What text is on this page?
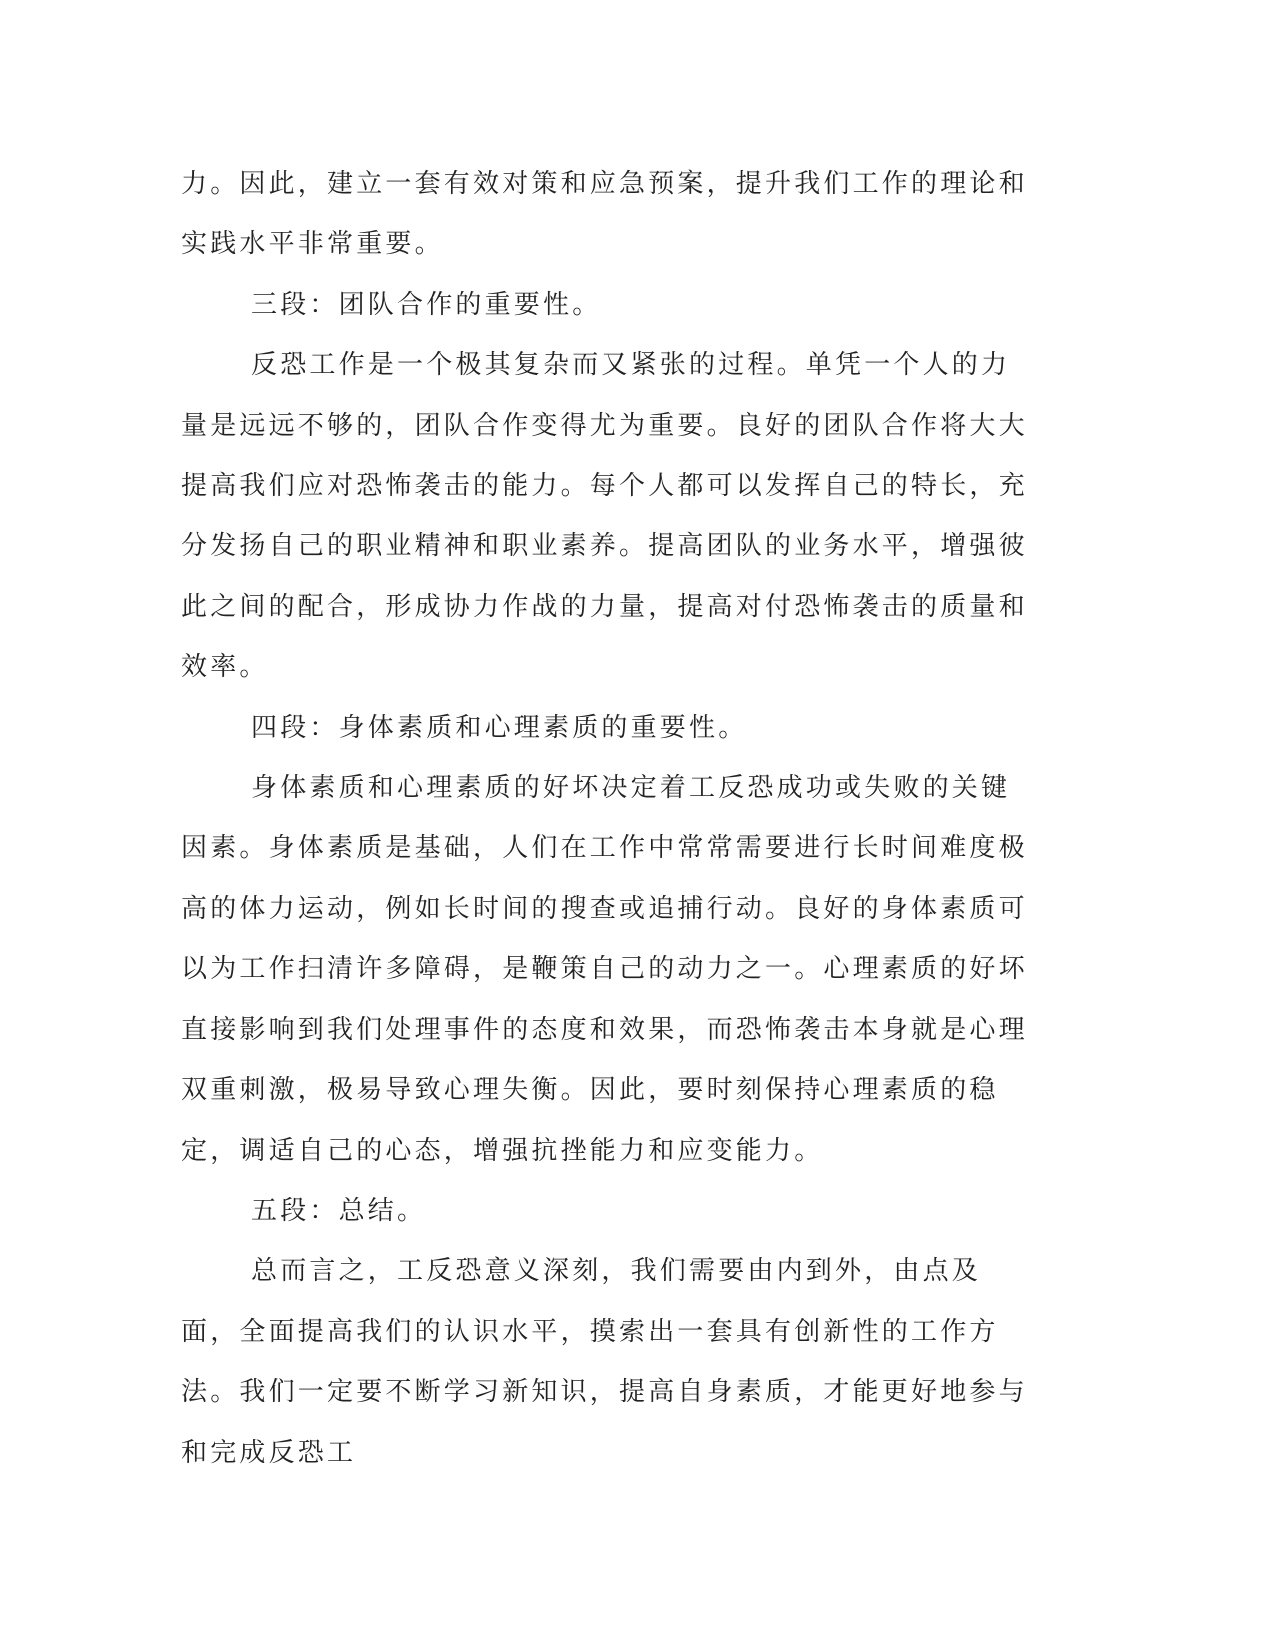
力。因此，建立一套有效对策和应急预案，提升我们工作的理论和实践水平非常重要。

三段：团队合作的重要性。

反恐工作是一个极其复杂而又紧张的过程。单凭一个人的力量是远远不够的，团队合作变得尤为重要。良好的团队合作将大大提高我们应对恐怖袭击的能力。每个人都可以发挥自己的特长，充分发扬自己的职业精神和职业素养。提高团队的业务水平，增强彼此之间的配合，形成协力作战的力量，提高对付恐怖袭击的质量和效率。

四段：身体素质和心理素质的重要性。

身体素质和心理素质的好坏决定着工反恐成功或失败的关键因素。身体素质是基础，人们在工作中常常需要进行长时间难度极高的体力运动，例如长时间的搜查或追捕行动。良好的身体素质可以为工作扫清许多障碍，是鞭策自己的动力之一。心理素质的好坏直接影响到我们处理事件的态度和效果，而恐怖袭击本身就是心理双重刺激，极易导致心理失衡。因此，要时刻保持心理素质的稳定，调适自己的心态，增强抗挫能力和应变能力。

五段：总结。

总而言之，工反恐意义深刻，我们需要由内到外，由点及面，全面提高我们的认识水平，摸索出一套具有创新性的工作方法。我们一定要不断学习新知识，提高自身素质，才能更好地参与和完成反恐工
